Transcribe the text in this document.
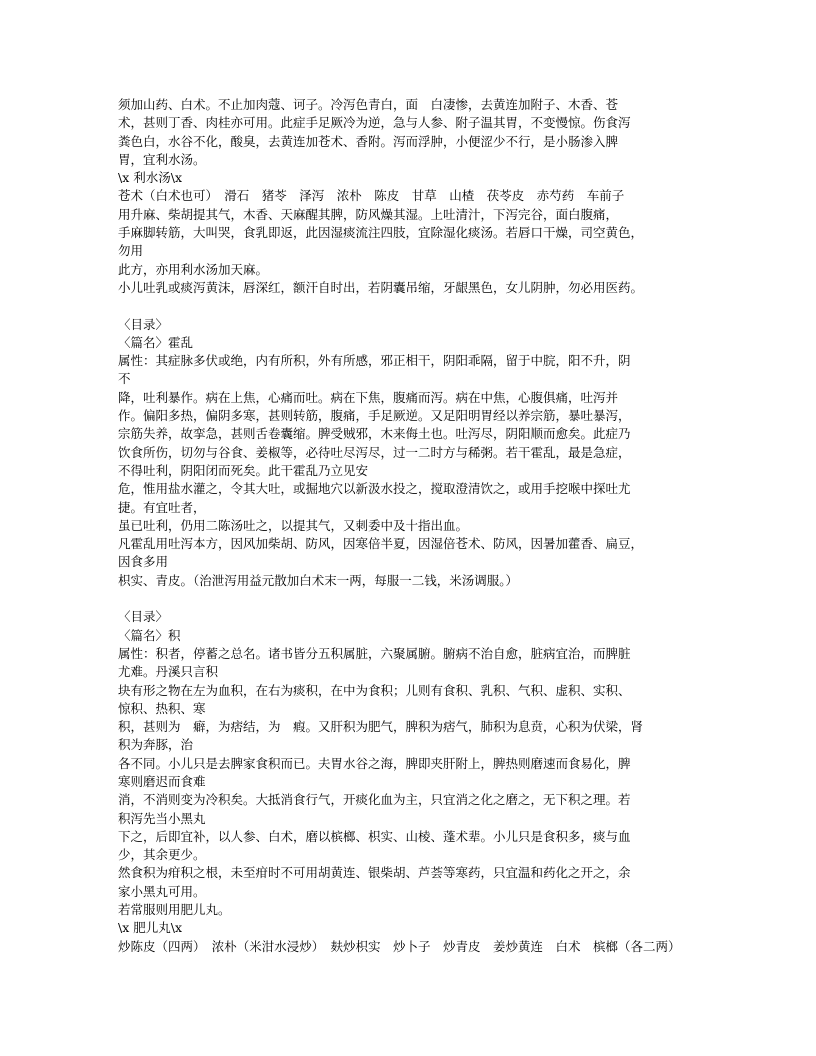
须加山药、白术。不止加肉蔻、诃子。冷泻色青白，面　白凄惨，去黄连加附子、木香、苍

术，甚则丁香、肉桂亦可用。此症手足厥冷为逆，急与人参、附子温其胃，不变慢惊。伤食泻

粪色白，水谷不化，酸臭，去黄连加苍术、香附。泻而浮肿，小便涩少不行，是小肠渗入脾

胃，宜利水汤。

\x 利水汤\x

苍术（白术也可）　滑石　猪苓　泽泻　浓朴　陈皮　甘草　山楂　茯苓皮　赤芍药　车前子

用升麻、柴胡提其气，木香、天麻醒其脾，防风燥其湿。上吐清汁，下泻完谷，面白腹痛，

手麻脚转筋，大叫哭，食乳即返，此因湿痰流注四肢，宜除湿化痰汤。若唇口干燥，司空黄色，

勿用

此方，亦用利水汤加天麻。

小儿吐乳或痰泻黄沫，唇深红，额汗自时出，若阴囊吊缩，牙龈黑色，女儿阴肿，勿必用医药。

〈目录〉

〈篇名〉霍乱

属性：其症脉多伏或绝，内有所积，外有所感，邪正相干，阴阳乖隔，留于中脘，阳不升，阴

不

降，吐利暴作。病在上焦，心痛而吐。病在下焦，腹痛而泻。病在中焦，心腹俱痛，吐泻并

作。偏阳多热，偏阴多寒，甚则转筋，腹痛，手足厥逆。又足阳明胃经以养宗筋，暴吐暴泻，

宗筋失养，故挛急，甚则舌卷囊缩。脾受贼邪，木来侮土也。吐泻尽，阴阳顺而愈矣。此症乃

饮食所伤，切勿与谷食、姜椒等，必待吐尽泻尽，过一二时方与稀粥。若干霍乱，最是急症，

不得吐利，阴阳闭而死矣。此干霍乱乃立见安

危，惟用盐水灌之，令其大吐，或掘地穴以新汲水投之，搅取澄清饮之，或用手挖喉中探吐尤

捷。有宜吐者，

虽已吐利，仍用二陈汤吐之，以提其气，又刺委中及十指出血。

凡霍乱用吐泻本方，因风加柴胡、防风，因寒倍半夏，因湿倍苍术、防风，因暑加藿香、扁豆，

因食多用

枳实、青皮。（治泄泻用益元散加白术末一两，每服一二钱，米汤调服。）

〈目录〉

〈篇名〉积

属性：积者，停蓄之总名。诸书皆分五积属脏，六聚属腑。腑病不治自愈，脏病宜治，而脾脏

尤难。丹溪只言积

块有形之物在左为血积，在右为痰积，在中为食积；儿则有食积、乳积、气积、虚积、实积、

惊积、热积、寒

积，甚则为　癖，为痞结，为　瘕。又肝积为肥气，脾积为痞气，肺积为息贲，心积为伏梁，肾

积为奔豚，治

各不同。小儿只是去脾家食积而已。夫胃水谷之海，脾即夹肝附上，脾热则磨速而食易化，脾

寒则磨迟而食难

消，不消则变为冷积矣。大抵消食行气，开痰化血为主，只宜消之化之磨之，无下积之理。若

积泻先当小黑丸

下之，后即宜补，以人参、白术，磨以槟榔、枳实、山棱、蓬术辈。小儿只是食积多，痰与血

少，其余更少。

然食积为疳积之根，未至疳时不可用胡黄连、银柴胡、芦荟等寒药，只宜温和药化之开之，余

家小黑丸可用。

若常服则用肥儿丸。

\x 肥儿丸\x

炒陈皮（四两）　浓朴（米泔水浸炒）　麸炒枳实　炒卜子　炒青皮　姜炒黄连　白术　槟榔（各二两）
